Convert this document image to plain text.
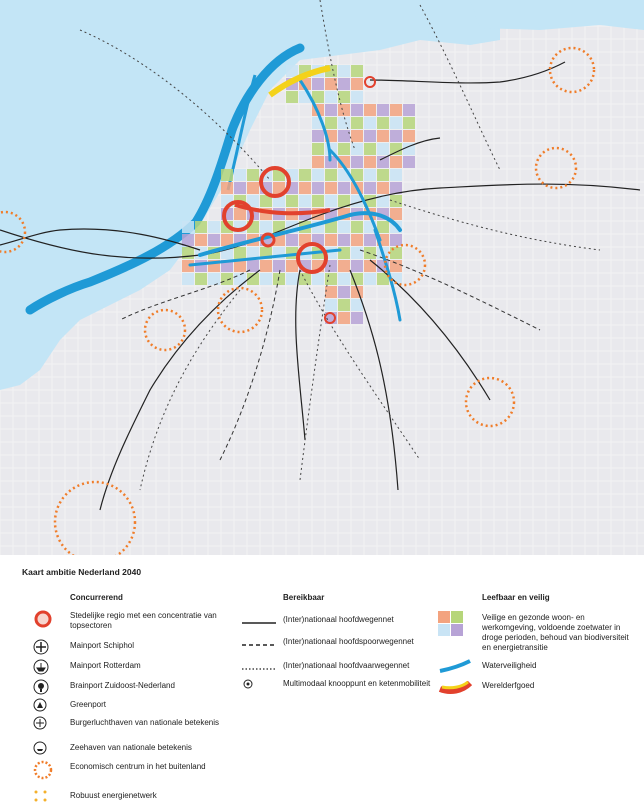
Kaart ambitie Nederland 2040
Concurrerend
Stedelijke regio met een concentratie van topsectoren
Mainport Schiphol
Mainport Rotterdam
Brainport Zuidoost-Nederland
Greenport
Burgerluchthaven van nationale betekenis
Zeehaven van nationale betekenis
Economisch centrum in het buitenland
Robuust energienetwerk
Bereikbaar
(Inter)nationaal hoofdwegennet
(Inter)nationaal hoofdspoorwegennet
(Inter)nationaal hoofdvaarwegennet
Multimodaal knooppunt en ketenmobiliteit
Leefbaar en veilig
Veilige en gezonde woon- en werkomgeving, voldoende zoetwater in droge perioden, behoud van biodiversiteit en energietransitie
Waterveiligheid
Werelderfgoed
